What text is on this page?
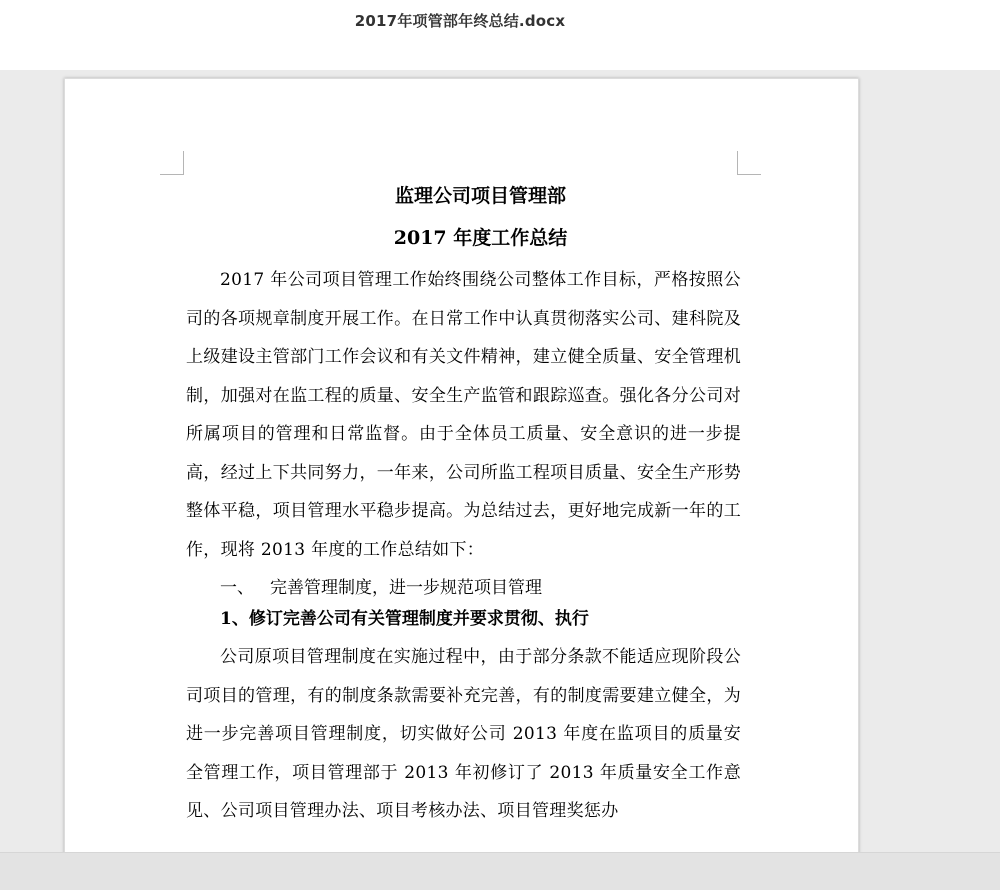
2017年项管部年终总结.docx
监理公司项目管理部
2017 年度工作总结

2017 年公司项目管理工作始终围绕公司整体工作目标，严格按照公司的各项规章制度开展工作。在日常工作中认真贯彻落实公司、建科院及上级建设主管部门工作会议和有关文件精神，建立健全质量、安全管理机制，加强对在监工程的质量、安全生产监管和跟踪巡查。强化各分公司对所属项目的管理和日常监督。由于全体员工质量、安全意识的进一步提高，经过上下共同努力，一年来，公司所监工程项目质量、安全生产形势整体平稳，项目管理水平稳步提高。为总结过去，更好地完成新一年的工作，现将 2013 年度的工作总结如下：

一、 完善管理制度，进一步规范项目管理
1、修订完善公司有关管理制度并要求贯彻、执行

公司原项目管理制度在实施过程中，由于部分条款不能适应现阶段公司项目的管理，有的制度条款需要补充完善，有的制度需要建立健全，为进一步完善项目管理制度，切实做好公司 2013 年度在监项目的质量安全管理工作，项目管理部于 2013 年初修订了 2013 年质量安全工作意见、公司项目管理办法、项目考核办法、项目管理奖惩办
